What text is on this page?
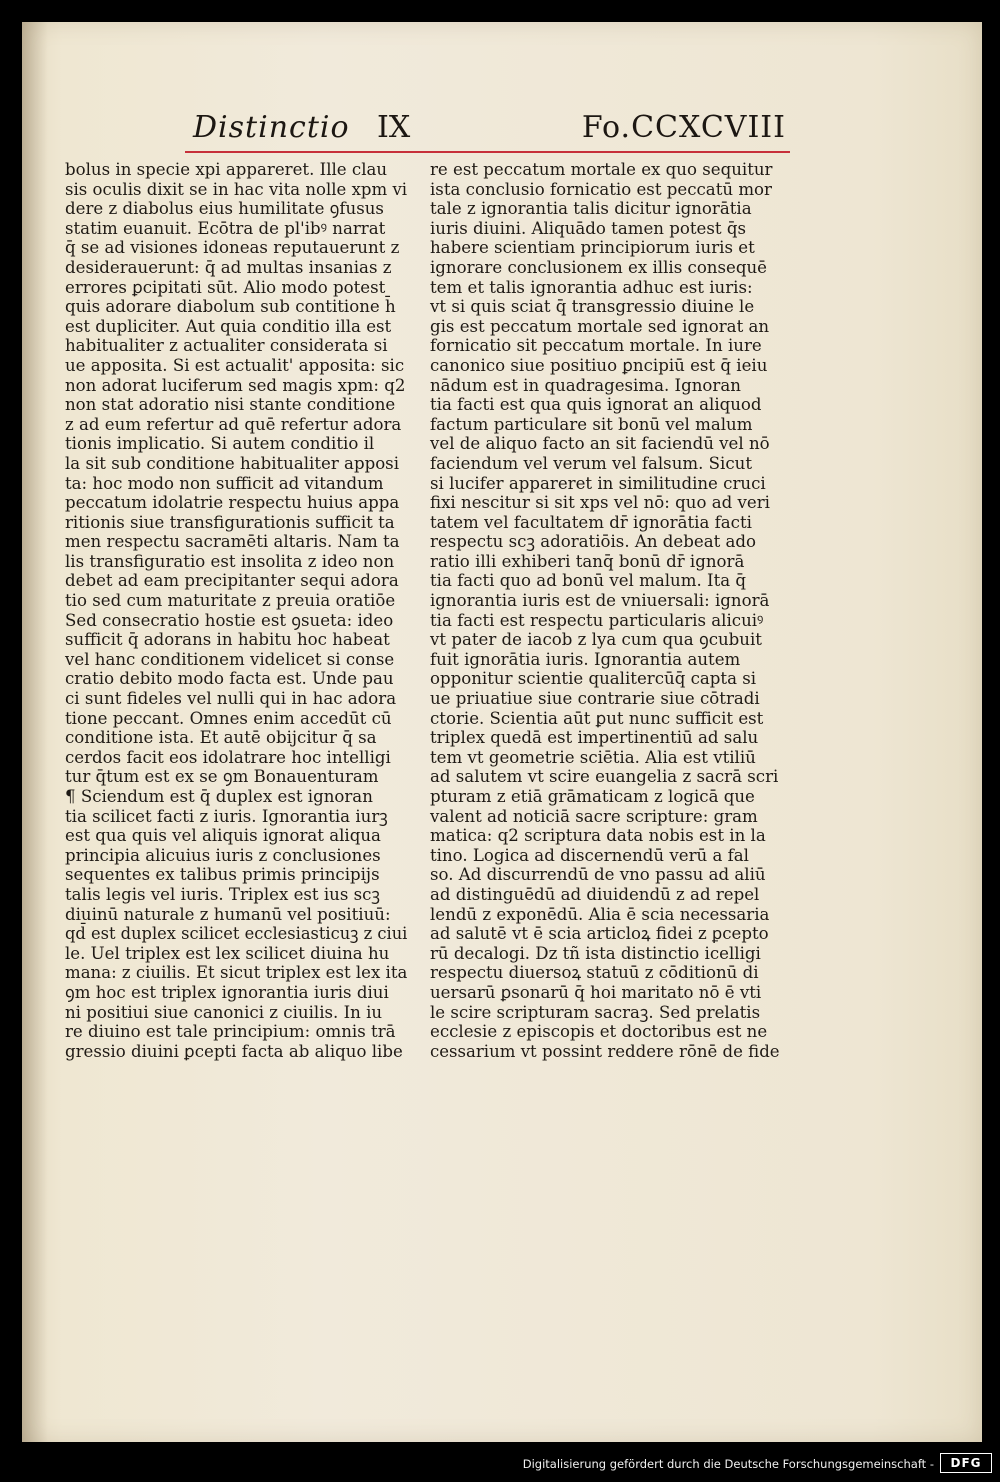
Distinctio IX	Fo.CCXCVIII
bolus in specie xpi appareret. Ille clau
sis oculis dixit se in hac vita nolle xpm vi
dere z diabolus eius humilitate ꝯfusus
statim euanuit. Ecōtra de pl'ibꝰ narrat
q̄ se ad visiones idoneas reputauerunt z
desiderauerunt: q̄ ad multas insanias z
errores ꝑcipitati sūt. Alio modo potest
quis adorare diabolum sub contitione h̄
est dupliciter. Aut quia conditio illa est
habitualiter z actualiter considerata si
ue apposita. Si est actualit' apposita: sic
non adorat luciferum sed magis xpm: q2
non stat adoratio nisi stante conditione
z ad eum refertur ad quē refertur adora
tionis implicatio. Si autem conditio il
la sit sub conditione habitualiter apposi
ta: hoc modo non sufficit ad vitandum
peccatum idolatrie respectu huius appa
ritionis siue transfigurationis sufficit ta
men respectu sacramēti altaris. Nam ta
lis transfiguratio est insolita z ideo non
debet ad eam precipitanter sequi adora
tio sed cum maturitate z preuia oratiōe
Sed consecratio hostie est ꝯsueta: ideo
sufficit q̄ adorans in habitu hoc habeat
vel hanc conditionem videlicet si conse
cratio debito modo facta est. Unde pau
ci sunt fideles vel nulli qui in hac adora
tione peccant. Omnes enim accedūt cū
conditione ista. Et autē obijcitur q̄ sa
cerdos facit eos idolatrare hoc intelligi
tur q̄tum est ex se ꝯm Bonauenturam
¶ Sciendum est q̄ duplex est ignoran
tia scilicet facti z iuris. Ignorantia iurꝫ
est qua quis vel aliquis ignorat aliqua
principia alicuius iuris z conclusiones
sequentes ex talibus primis principijs
talis legis vel iuris. Triplex est ius scꝫ
diuinū naturale z humanū vel positiuū:
qd̄ est duplex scilicet ecclesiasticuꝫ z ciui
le. Uel triplex est lex scilicet diuina hu
mana: z ciuilis. Et sicut triplex est lex ita
ꝯm hoc est triplex ignorantia iuris diui
ni positiui siue canonici z ciuilis. In iu
re diuino est tale principium: omnis trā
gressio diuini ꝑcepti facta ab aliquo libe
re est peccatum mortale ex quo sequitur
ista conclusio fornicatio est peccatū mor
tale z ignorantia talis dicitur ignorātia
iuris diuini. Aliquādo tamen potest q̄s
habere scientiam principiorum iuris et
ignorare conclusionem ex illis consequē
tem et talis ignorantia adhuc est iuris:
vt si quis sciat q̄ transgressio diuine le
gis est peccatum mortale sed ignorat an
fornicatio sit peccatum mortale. In iure
canonico siue positiuo ꝑncipiū est q̄ ieiu
nādum est in quadragesima. Ignoran
tia facti est qua quis ignorat an aliquod
factum particulare sit bonū vel malum
vel de aliquo facto an sit faciendū vel nō
faciendum vel verum vel falsum. Sicut
si lucifer appareret in similitudine cruci
fixi nescitur si sit xps vel nō: quo ad veri
tatem vel facultatem dr̄ ignorātia facti
respectu scꝫ adoratiōis. An debeat ado
ratio illi exhiberi tanq̄ bonū dr̄ ignorā
tia facti quo ad bonū vel malum. Ita q̄
ignorantia iuris est de vniuersali: ignorā
tia facti est respectu particularis alicuiꝰ
vt pater de iacob z lya cum qua ꝯcubuit
fuit ignorātia iuris. Ignorantia autem
opponitur scientie qualitercūq̄ capta si
ue priuatiue siue contrarie siue cōtradi
ctorie. Scientia aūt ꝑut nunc sufficit est
triplex quedā est impertinentiū ad salu
tem vt geometrie sciētia. Alia est vtiliū
ad salutem vt scire euangelia z sacrā scri
pturam z etiā grāmaticam z logicā que
valent ad noticiā sacre scripture: gram
matica: q2 scriptura data nobis est in la
tino. Logica ad discernendū verū a fal
so. Ad discurrendū de vno passu ad aliū
ad distinguēdū ad diuidendū z ad repel
lendū z exponēdū. Alia ē scia necessaria
ad salutē vt ē scia articloꝝ fidei z ꝑcepto
rū decalogi. Dz tñ ista distinctio icelligi
respectu diuersoꝝ statuū z cōditionū di
uersarū ꝑsonarū q̄ hoi maritato nō ē vti
le scire scripturam sacraꝫ. Sed prelatis
ecclesie z episcopis et doctoribus est ne
cessarium vt possint reddere rōnē de fide
Digitalisierung gefördert durch die Deutsche Forschungsgemeinschaft -	DFG
